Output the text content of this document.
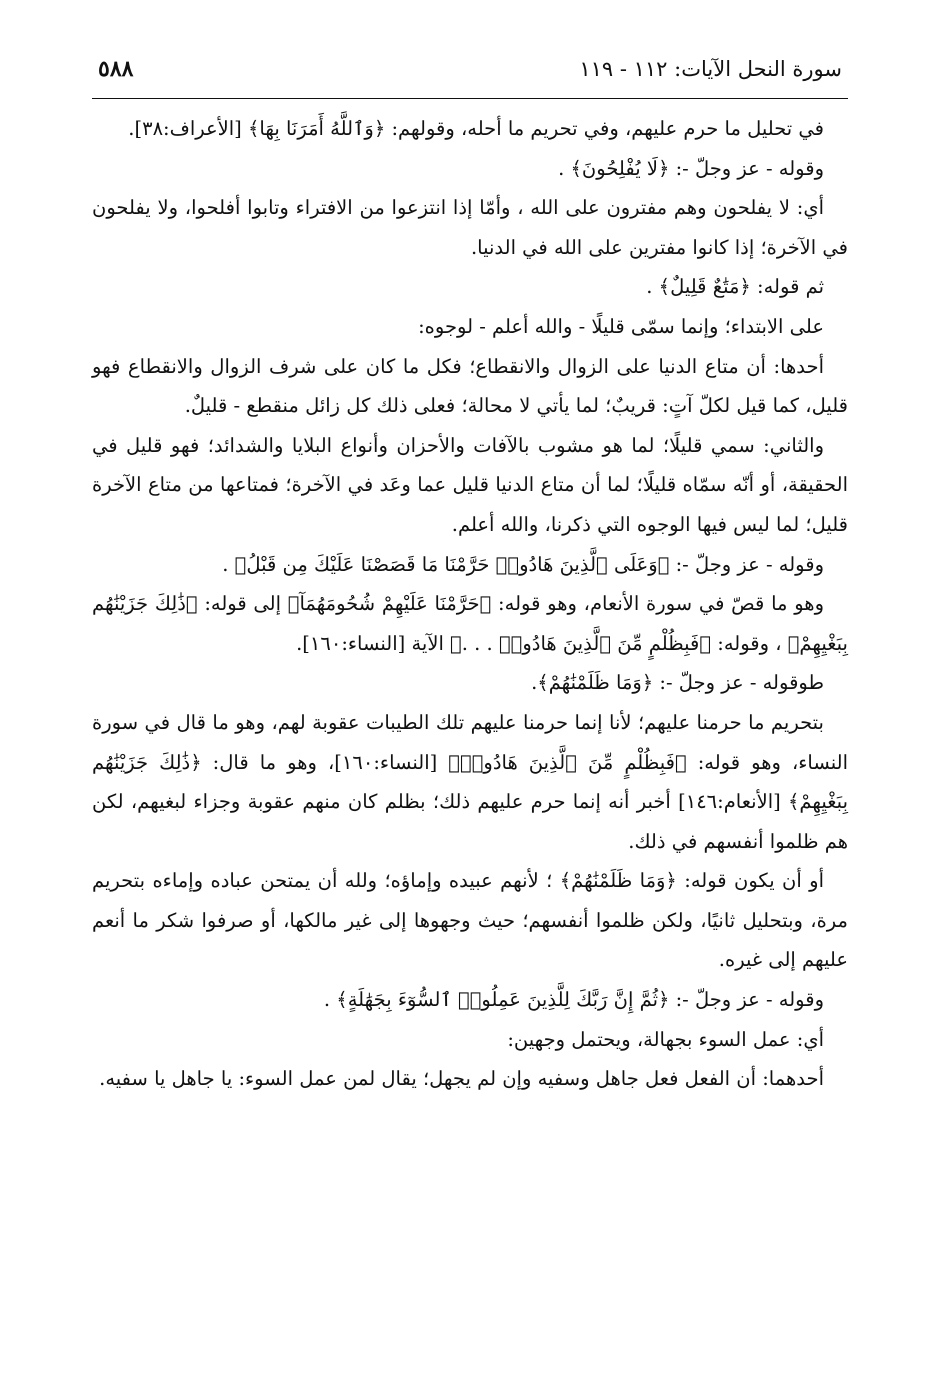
سورة النحل الآيات: ١١٢ - ١١٩
٥٨٨

في تحليل ما حرم عليهم، وفي تحريم ما أحله، وقولهم: ﴿وَٱللَّهُ أَمَرَنَا بِهَا﴾ [الأعراف:٣٨].

وقوله - عز وجلّ -: ﴿لَا يُفْلِحُونَ﴾ .

أي: لا يفلحون وهم مفترون على الله ، وأمّا إذا انتزعوا من الافتراء وتابوا أفلحوا، ولا يفلحون في الآخرة؛ إذا كانوا مفترين على الله في الدنيا.

ثم قوله: ﴿مَتَٰعٌ قَلِيلٌ﴾ .

على الابتداء؛ وإنما سمّى قليلًا - والله أعلم - لوجوه:

أحدها: أن متاع الدنيا على الزوال والانقطاع؛ فكل ما كان على شرف الزوال والانقطاع فهو قليل، كما قيل لكلّ آتٍ: قريبٌ؛ لما يأتي لا محالة؛ فعلى ذلك كل زائل منقطع - قليلٌ.

والثاني: سمي قليلًا؛ لما هو مشوب بالآفات والأحزان وأنواع البلايا والشدائد؛ فهو قليل في الحقيقة، أو أنّه سمّاه قليلًا؛ لما أن متاع الدنيا قليل عما وعَد في الآخرة؛ فمتاعها من متاع الآخرة قليل؛ لما ليس فيها الوجوه التي ذكرنا، والله أعلم.

وقوله - عز وجلّ -: ﴿وَعَلَى ٱلَّذِينَ هَادُوا۟ حَرَّمْنَا مَا قَصَصْنَا عَلَيْكَ مِن قَبْلُ﴾ .

وهو ما قصّ في سورة الأنعام، وهو قوله: ﴿حَرَّمْنَا عَلَيْهِمْ شُحُومَهُمَآ﴾ إلى قوله: ﴿ذَٰلِكَ جَزَيْنَٰهُم بِبَغْيِهِمْ﴾ ، وقوله: ﴿فَبِظُلْمٍ مِّنَ ٱلَّذِينَ هَادُوا۟ . . .﴾ الآية [النساء:١٦٠].

طوقوله - عز وجلّ -: ﴿وَمَا ظَلَمْنَٰهُمْ﴾.

بتحريم ما حرمنا عليهم؛ لأنا إنما حرمنا عليهم تلك الطيبات عقوبة لهم، وهو ما قال في سورة النساء، وهو قوله: ﴿فَبِظُلْمٍ مِّنَ ٱلَّذِينَ هَادُوا۟﴾ [النساء:١٦٠]، وهو ما قال: ﴿ذَٰلِكَ جَزَيْنَٰهُم بِبَغْيِهِمْ﴾ [الأنعام:١٤٦] أخبر أنه إنما حرم عليهم ذلك؛ بظلم كان منهم عقوبة وجزاء لبغيهم، لكن هم ظلموا أنفسهم في ذلك.

أو أن يكون قوله: ﴿وَمَا ظَلَمْنَٰهُمْ﴾ ؛ لأنهم عبيده وإماؤه؛ ولله أن يمتحن عباده وإماءه بتحريم مرة، وبتحليل ثانيًا، ولكن ظلموا أنفسهم؛ حيث وجهوها إلى غير مالكها، أو صرفوا شكر ما أنعم عليهم إلى غيره.

وقوله - عز وجلّ -: ﴿ثُمَّ إِنَّ رَبَّكَ لِلَّذِينَ عَمِلُوا۟ ٱلسُّوٓءَ بِجَهَٰلَةٍ﴾ .

أي: عمل السوء بجهالة، ويحتمل وجهين:

أحدهما: أن الفعل فعل جاهل وسفيه وإن لم يجهل؛ يقال لمن عمل السوء: يا جاهل يا سفيه.
